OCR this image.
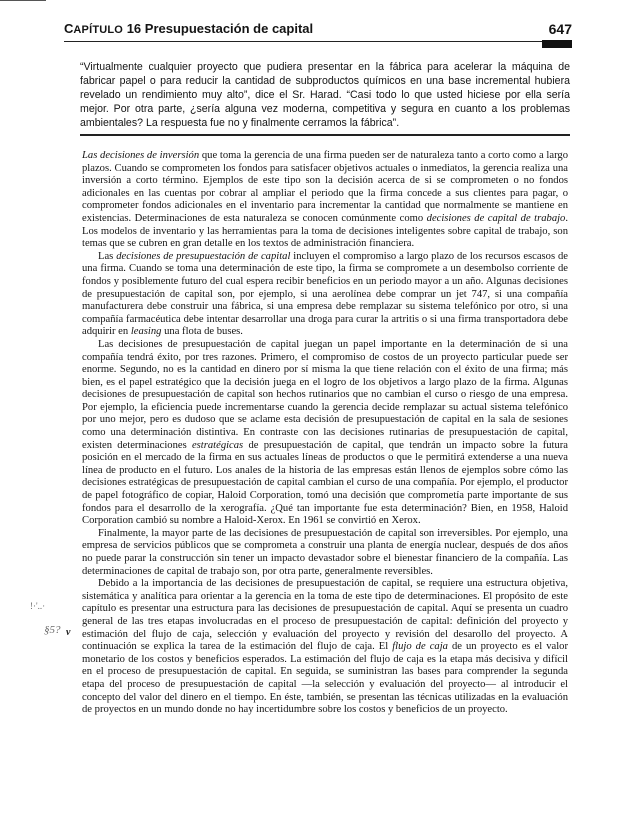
CAPÍTULO 16 Presupuestación de capital	647

“Virtualmente cualquier proyecto que pudiera presentar en la fábrica para acelerar la máquina de fabricar papel o para reducir la cantidad de subproductos químicos en una base incremental hubiera revelado un rendimiento muy alto”, dice el Sr. Harad. “Casi todo lo que usted hiciese por ella sería mejor. Por otra parte, ¿sería alguna vez moderna, competitiva y segura en cuanto a los problemas ambientales? La respuesta fue no y finalmente cerramos la fábrica”.

Las decisiones de inversión que toma la gerencia de una firma pueden ser de naturaleza tanto a corto como a largo plazos. Cuando se comprometen los fondos para satisfacer objetivos actuales o inmediatos, la gerencia realiza una inversión a corto término. Ejemplos de este tipo son la decisión acerca de si se comprometen o no fondos adicionales en las cuentas por cobrar al ampliar el periodo que la firma concede a sus clientes para pagar, o comprometer fondos adicionales en el inventario para incrementar la cantidad que normalmente se mantiene en existencias. Determinaciones de esta naturaleza se conocen comúnmente como decisiones de capital de trabajo. Los modelos de inventario y las herramientas para la toma de decisiones inteligentes sobre capital de trabajo, son temas que se cubren en gran detalle en los textos de administración financiera.

Las decisiones de presupuestación de capital incluyen el compromiso a largo plazo de los recursos escasos de una firma. Cuando se toma una determinación de este tipo, la firma se compromete a un desembolso corriente de fondos y posiblemente futuro del cual espera recibir beneficios en un periodo mayor a un año. Algunas decisiones de presupuestación de capital son, por ejemplo, si una aerolínea debe comprar un jet 747, si una compañía manufacturera debe construir una fábrica, si una empresa debe remplazar su sistema telefónico por otro, si una compañía farmacéutica debe intentar desarrollar una droga para curar la artritis o si una firma transportadora debe adquirir en leasing una flota de buses.

Las decisiones de presupuestación de capital juegan un papel importante en la determinación de si una compañía tendrá éxito, por tres razones. Primero, el compromiso de costos de un proyecto particular puede ser enorme. Segundo, no es la cantidad en dinero por sí misma la que tiene relación con el éxito de una firma; más bien, es el papel estratégico que la decisión juega en el logro de los objetivos a largo plazo de la firma. Algunas decisiones de presupuestación de capital son hechos rutinarios que no cambian el curso o riesgo de una empresa. Por ejemplo, la eficiencia puede incrementarse cuando la gerencia decide remplazar su actual sistema telefónico por uno mejor, pero es dudoso que se aclame esta decisión de presupuestación de capital en la sala de sesiones como una determinación distintiva. En contraste con las decisiones rutinarias de presupuestación de capital, existen determinaciones estratégicas de presupuestación de capital, que tendrán un impacto sobre la futura posición en el mercado de la firma en sus actuales líneas de productos o que le permitirá extenderse a una nueva línea de producto en el futuro. Los anales de la historia de las empresas están llenos de ejemplos sobre cómo las decisiones estratégicas de presupuestación de capital cambian el curso de una compañía. Por ejemplo, el productor de papel fotográfico de copiar, Haloid Corporation, tomó una decisión que comprometía parte importante de sus fondos para el desarrollo de la xerografía. ¿Qué tan importante fue esta determinación? Bien, en 1958, Haloid Corporation cambió su nombre a Haloid-Xerox. En 1961 se convirtió en Xerox.

Finalmente, la mayor parte de las decisiones de presupuestación de capital son irreversibles. Por ejemplo, una empresa de servicios públicos que se comprometa a construir una planta de energía nuclear, después de dos años no puede parar la construcción sin tener un impacto devastador sobre el bienestar financiero de la compañía. Las determinaciones de capital de trabajo son, por otra parte, generalmente reversibles.

Debido a la importancia de las decisiones de presupuestación de capital, se requiere una estructura objetiva, sistemática y analítica para orientar a la gerencia en la toma de este tipo de determinaciones. El propósito de este capítulo es presentar una estructura para las decisiones de presupuestación de capital. Aquí se presenta un cuadro general de las tres etapas involucradas en el proceso de presupuestación de capital: definición del proyecto y estimación del flujo de caja, selección y evaluación del proyecto y revisión del desarollo del proyecto. A continuación se explica la tarea de la estimación del flujo de caja. El flujo de caja de un proyecto es el valor monetario de los costos y beneficios esperados. La estimación del flujo de caja es la etapa más decisiva y difícil en el proceso de presupuestación de capital. En seguida, se suministran las bases para comprender la segunda etapa del proceso de presupuestación de capital —la selección y evaluación del proyecto— al introducir el concepto del valor del dinero en el tiempo. En éste, también, se presentan las técnicas utilizadas en la evaluación de proyectos en un mundo donde no hay incertidumbre sobre los costos y beneficios de un proyecto.

!·'..·
§5? v
